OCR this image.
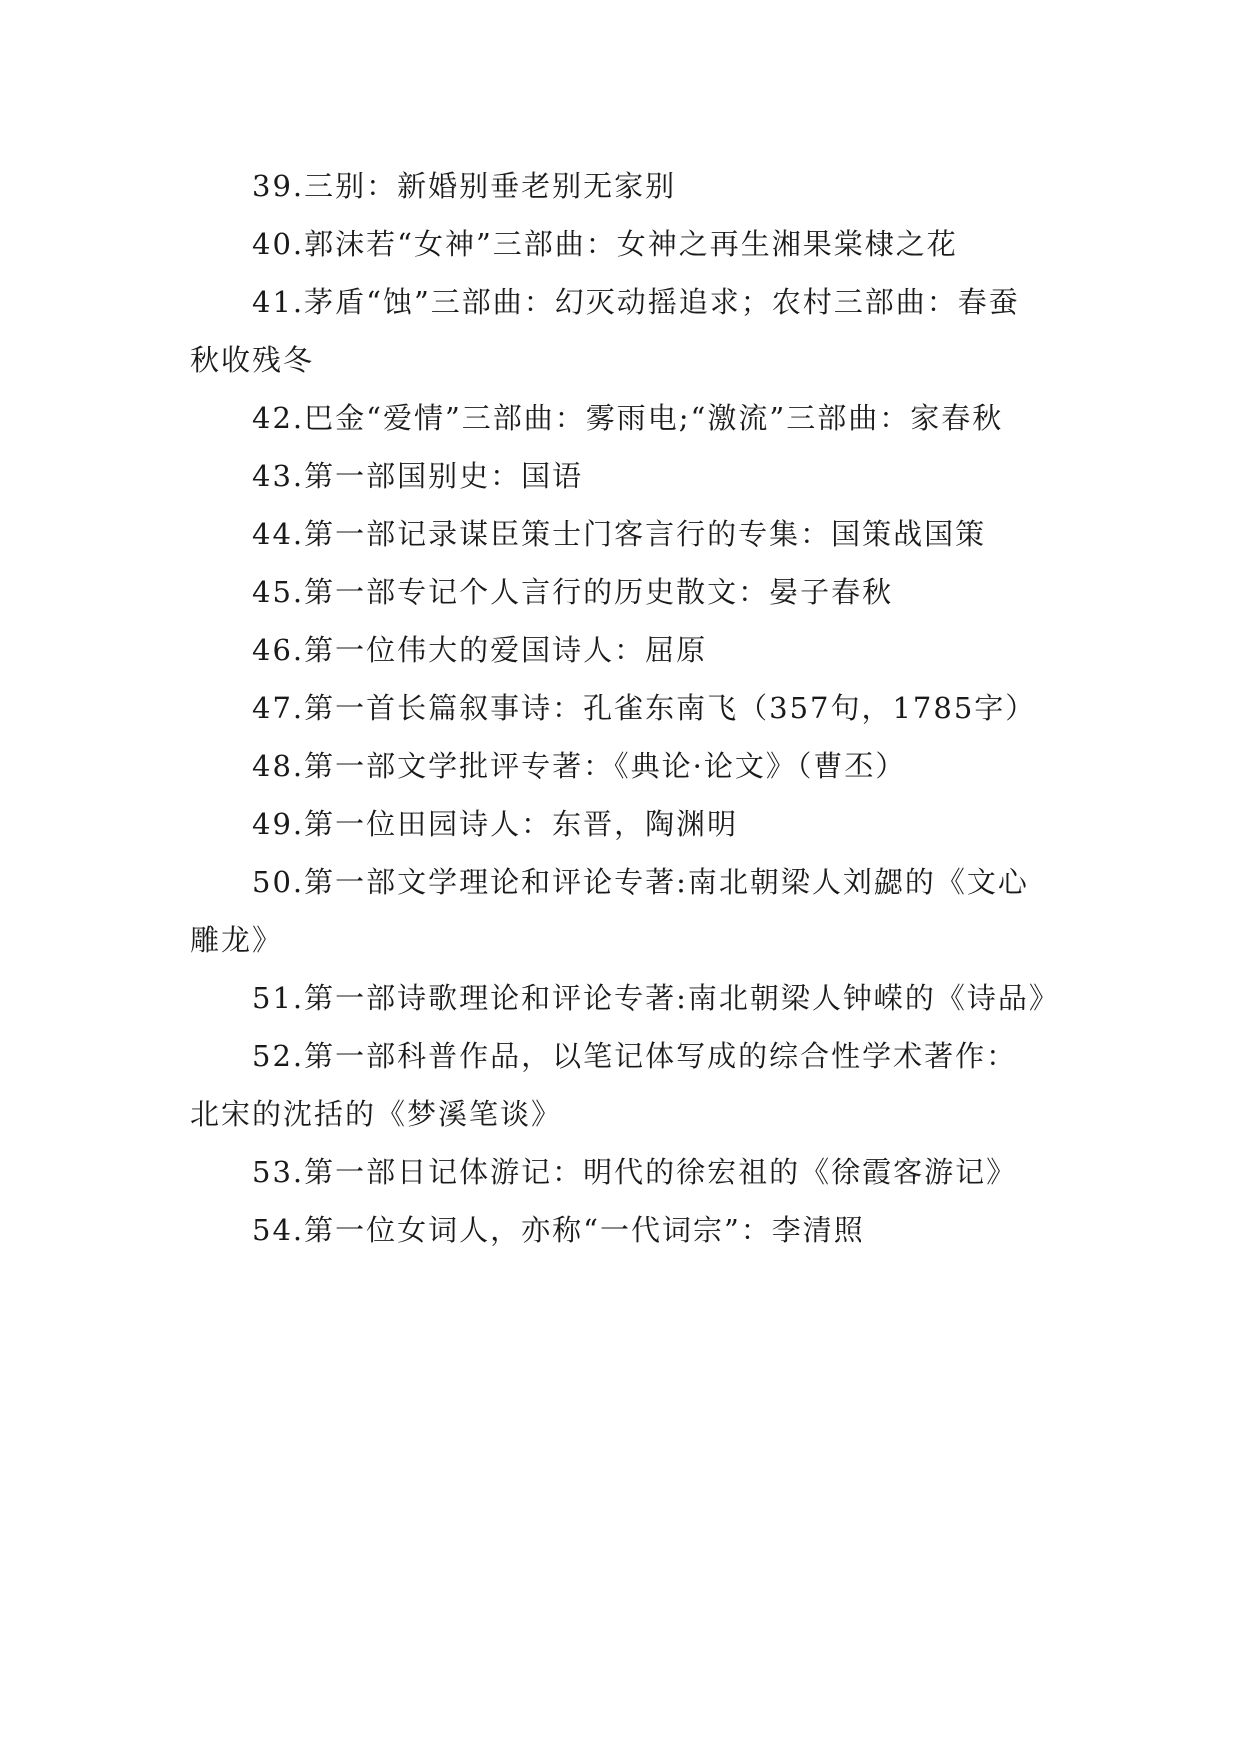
39.三别：新婚别垂老别无家别

40.郭沫若“女神”三部曲：女神之再生湘果棠棣之花

41.茅盾“蚀”三部曲：幻灭动摇追求；农村三部曲：春蚕秋收残冬

42.巴金“爱情”三部曲：雾雨电;“激流”三部曲：家春秋

43.第一部国别史：国语

44.第一部记录谋臣策士门客言行的专集：国策战国策

45.第一部专记个人言行的历史散文：晏子春秋

46.第一位伟大的爱国诗人：屈原

47.第一首长篇叙事诗：孔雀东南飞（357句，1785字）

48.第一部文学批评专著：《典论·论文》（曹丕）

49.第一位田园诗人：东晋，陶渊明

50.第一部文学理论和评论专著:南北朝梁人刘勰的《文心雕龙》

51.第一部诗歌理论和评论专著:南北朝梁人钟嵘的《诗品》

52.第一部科普作品，以笔记体写成的综合性学术著作：北宋的沈括的《梦溪笔谈》

53.第一部日记体游记：明代的徐宏祖的《徐霞客游记》

54.第一位女词人，亦称“一代词宗”：李清照
